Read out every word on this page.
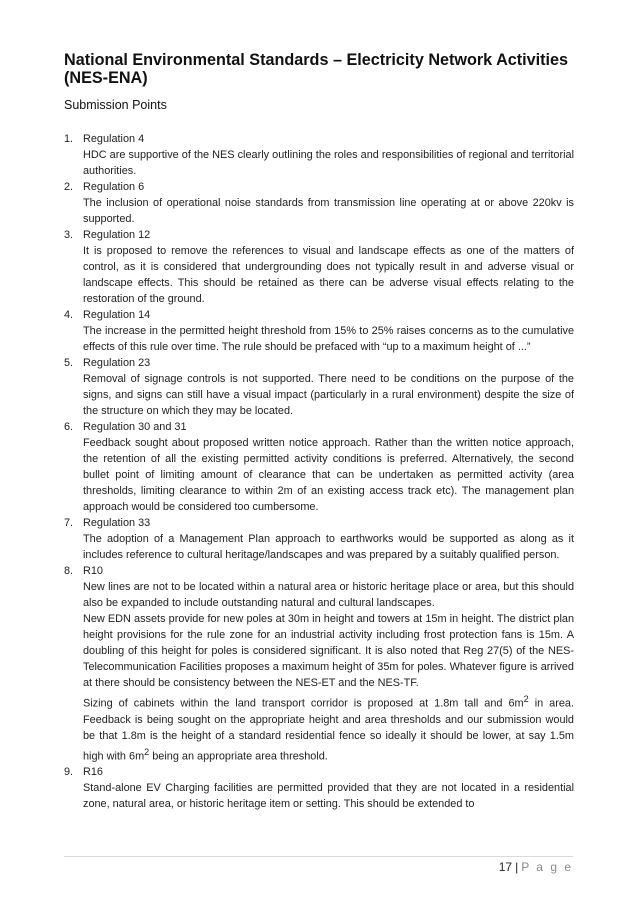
National Environmental Standards – Electricity Network Activities (NES-ENA)
Submission Points
1. Regulation 4

HDC are supportive of the NES clearly outlining the roles and responsibilities of regional and territorial authorities.

2. Regulation 6

The inclusion of operational noise standards from transmission line operating at or above 220kv is supported.

3. Regulation 12

It is proposed to remove the references to visual and landscape effects as one of the matters of control, as it is considered that undergrounding does not typically result in and adverse visual or landscape effects. This should be retained as there can be adverse visual effects relating to the restoration of the ground.

4. Regulation 14

The increase in the permitted height threshold from 15% to 25% raises concerns as to the cumulative effects of this rule over time. The rule should be prefaced with “up to a maximum height of ...”

5. Regulation 23

Removal of signage controls is not supported. There need to be conditions on the purpose of the signs, and signs can still have a visual impact (particularly in a rural environment) despite the size of the structure on which they may be located.

6. Regulation 30 and 31

Feedback sought about proposed written notice approach. Rather than the written notice approach, the retention of all the existing permitted activity conditions is preferred. Alternatively, the second bullet point of limiting amount of clearance that can be undertaken as permitted activity (area thresholds, limiting clearance to within 2m of an existing access track etc). The management plan approach would be considered too cumbersome.

7. Regulation 33

The adoption of a Management Plan approach to earthworks would be supported as along as it includes reference to cultural heritage/landscapes and was prepared by a suitably qualified person.

8. R10

New lines are not to be located within a natural area or historic heritage place or area, but this should also be expanded to include outstanding natural and cultural landscapes.

New EDN assets provide for new poles at 30m in height and towers at 15m in height. The district plan height provisions for the rule zone for an industrial activity including frost protection fans is 15m. A doubling of this height for poles is considered significant. It is also noted that Reg 27(5) of the NES-Telecommunication Facilities proposes a maximum height of 35m for poles. Whatever figure is arrived at there should be consistency between the NES-ET and the NES-TF.

Sizing of cabinets within the land transport corridor is proposed at 1.8m tall and $6m^2$ in area. Feedback is being sought on the appropriate height and area thresholds and our submission would be that 1.8m is the height of a standard residential fence so ideally it should be lower, at say 1.5m high with $6m^2$ being an appropriate area threshold.

9. R16

Stand-alone EV Charging facilities are permitted provided that they are not located in a residential zone, natural area, or historic heritage item or setting. This should be extended to

17 | P a g e
